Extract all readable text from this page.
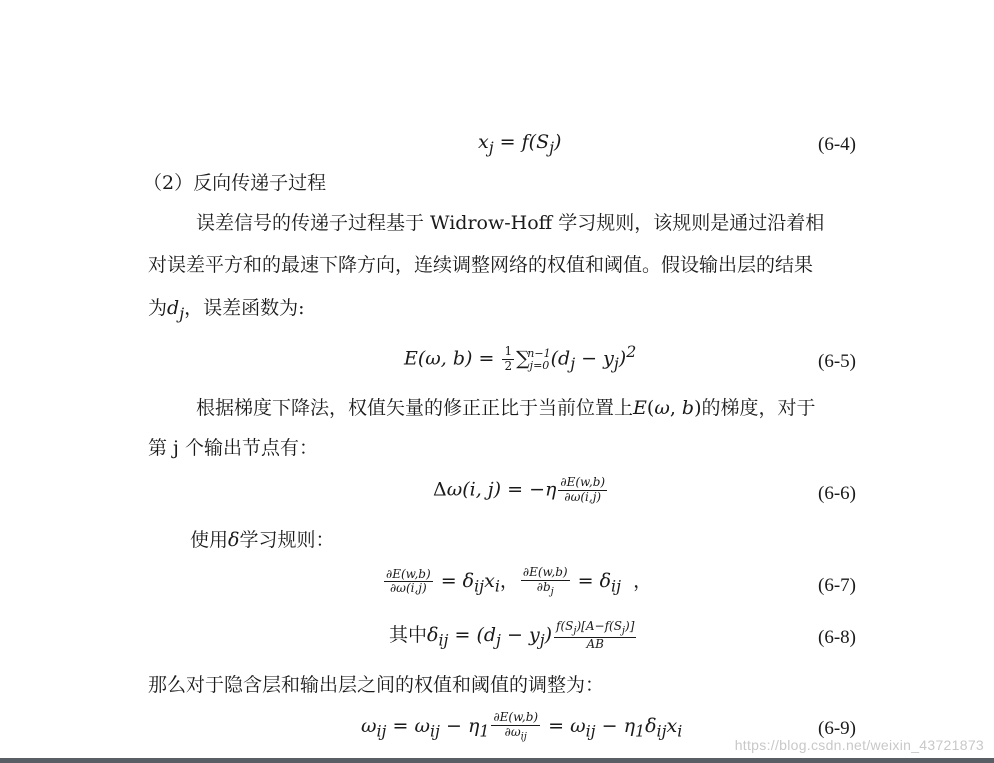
$x_j = f(S_j)$	(6-4)
（2）反向传递子过程
误差信号的传递子过程基于 Widrow-Hoff 学习规则，该规则是通过沿着相
对误差平方和的最速下降方向，连续调整网络的权值和阈值。假设输出层的结果
为$d_j$，误差函数为:
E(ω, $b) = \frac{1}{2} \sum_{j=0}^{n-1}(d_j - y_j)^2$	(6-5)
根据梯度下降法，权值矢量的修正正比于当前位置上E(ω, b)的梯度，对于
第 j 个输出节点有：
Δω(i, $j) = -\eta \frac{\partial E(w,b)}{\partial\omega(i,j)}$	(6-6)
使用δ学习规则：
$\frac{\partial E(w,b)}{\partial\omega(i,j)} = \delta_{ij}x_i$， $\frac{\partial E(w,b)}{\partial b_j} = \delta_{ij}$  ，	(6-7)
其中$\delta_{ij} = (d_j - y_j) \frac{f(S_j)[A-f(S_j)]}{AB}$	(6-8)
那么对于隐含层和输出层之间的权值和阈值的调整为：
$\omega_{ij} = \omega_{ij} - \eta_1 \frac{\partial E(w,b)}{\partial\omega_{ij}} = \omega_{ij} - \eta_1\delta_{ij}x_i$	(6-9)
https://blog.csdn.net/weixin_43721873
